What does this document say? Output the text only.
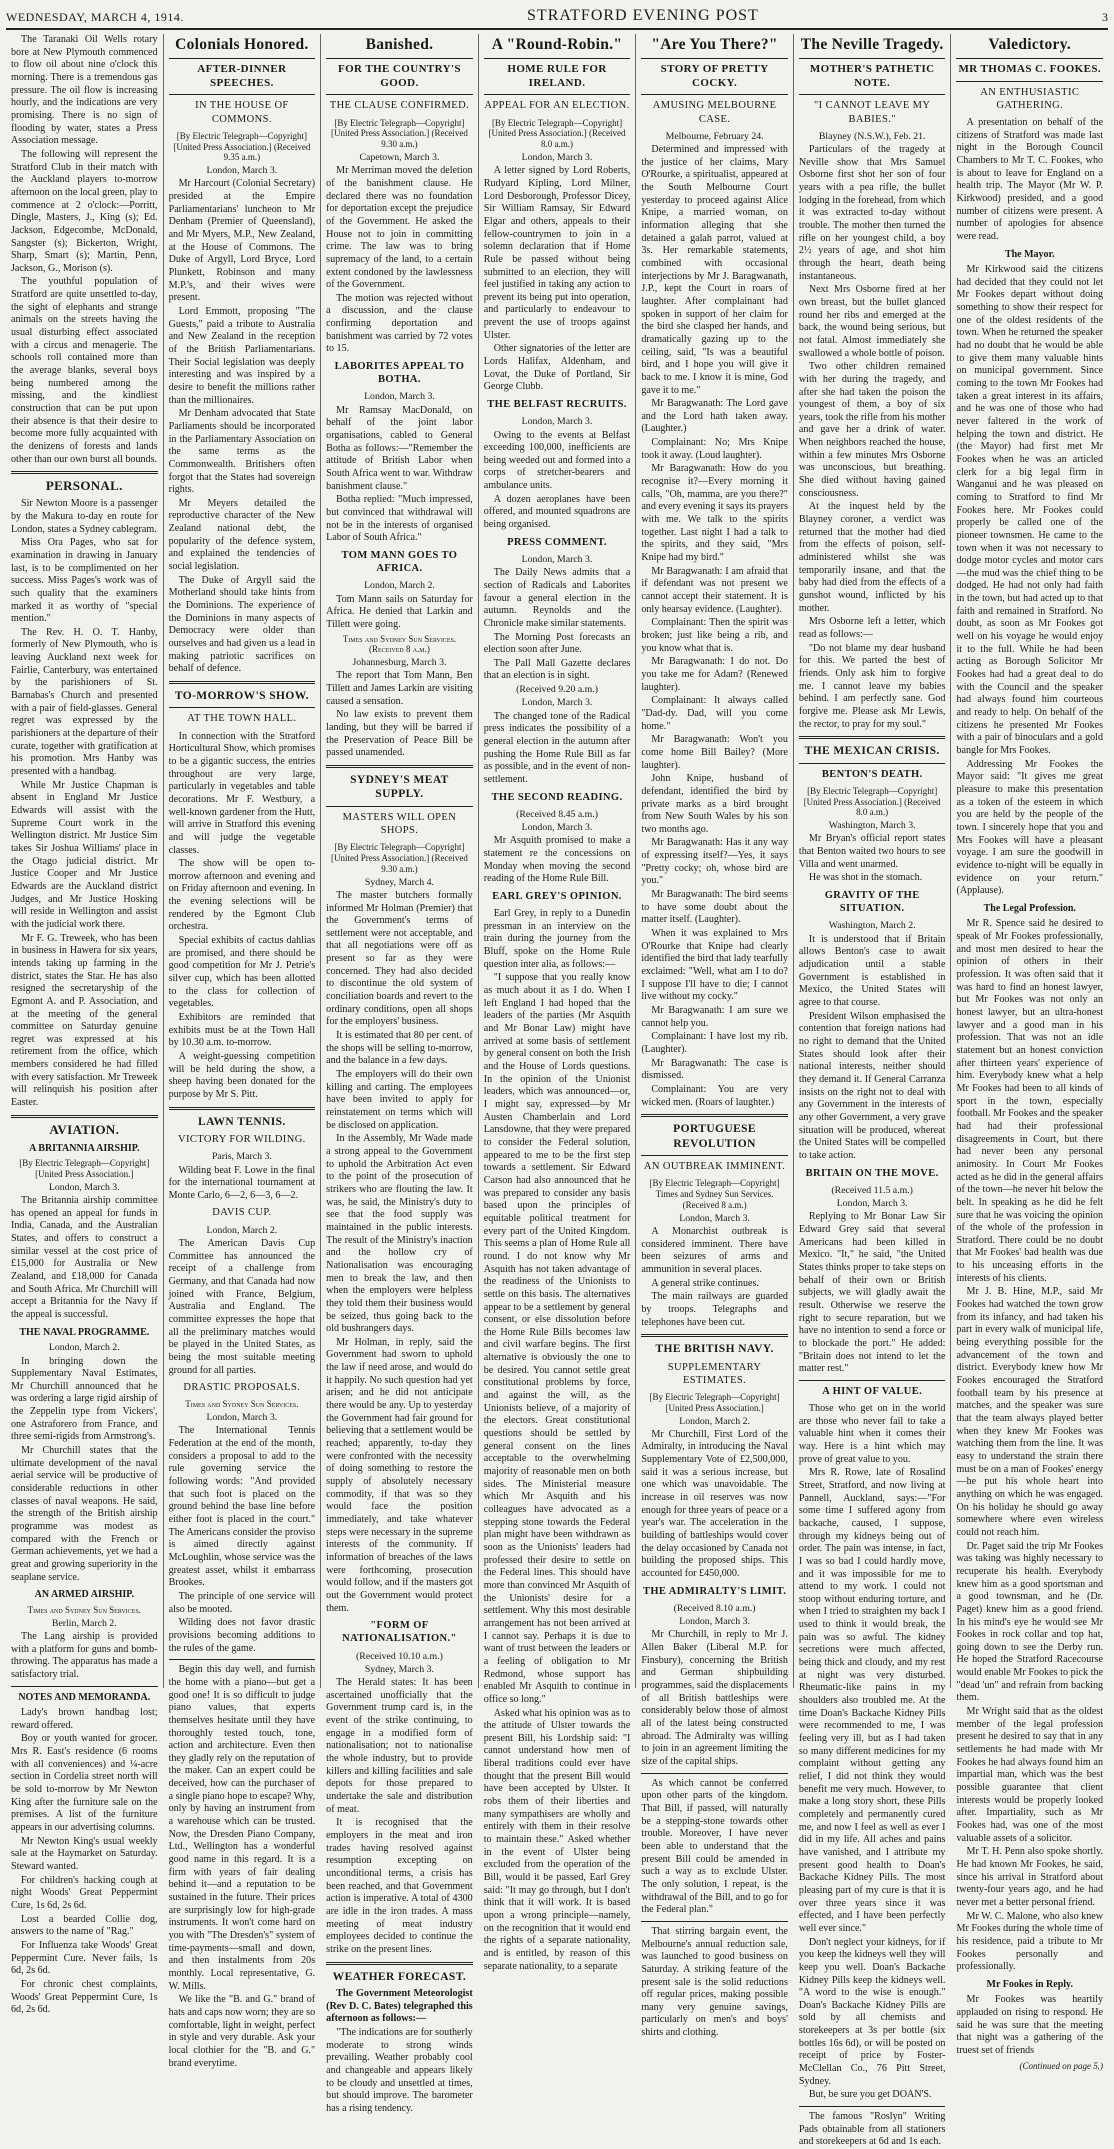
WEDNESDAY, MARCH 4, 1914.	STRATFORD EVENING POST	3

The Taranaki Oil Wells rotary bore at New Plymouth commenced to flow oil about nine o'clock this morning. There is a tremendous gas pressure. The oil flow is increasing hourly, and the indications are very promising. There is no sign of flooding by water, states a Press Association message.

The following will represent the Stratford Club in their match with the Auckland players to-morrow afternoon on the local green, play to commence at 2 o'clock:—Porritt, Dingle, Masters, J., King (s); Ed. Jackson, Edgecombe, McDonald, Sangster (s); Bickerton, Wright, Sharp, Smart (s); Martin, Penn, Jackson, G., Morison (s).

The youthful population of Stratford are quite unsettled to-day, the sight of elephants and strange animals on the streets having the usual disturbing effect associated with a circus and menagerie. The schools roll contained more than the average blanks, several boys being numbered among the missing, and the kindliest construction that can be put upon their absence is that their desire to become more fully acquainted with the denizens of forests and lands other than our own burst all bounds.

PERSONAL.

Sir Newton Moore is a passenger by the Makura to-day en route for London, states a Sydney cablegram.

Miss Ora Pages, who sat for examination in drawing in January last, is to be complimented on her success. Miss Pages's work was of such quality that the examiners marked it as worthy of "special mention."

The Rev. H. O. T. Hanby, formerly of New Plymouth, who is leaving Auckland next week for Fairlie, Canterbury, was entertained by the parishioners of St. Barnabas's Church and presented with a pair of field-glasses. General regret was expressed by the parishioners at the departure of their curate, together with gratification at his promotion. Mrs Hanby was presented with a handbag.

While Mr Justice Chapman is absent in England Mr Justice Edwards will assist with the Supreme Court work in the Wellington district. Mr Justice Sim takes Sir Joshua Williams' place in the Otago judicial district. Mr Justice Cooper and Mr Justice Edwards are the Auckland district Judges, and Mr Justice Hosking will reside in Wellington and assist with the judicial work there.

Mr F. G. Treweek, who has been in business in Hawera for six years, intends taking up farming in the district, states the Star. He has also resigned the secretaryship of the Egmont A. and P. Association, and at the meeting of the general committee on Saturday genuine regret was expressed at his retirement from the office, which members considered he had filled with every satisfaction. Mr Treweek will relinquish his position after Easter.

AVIATION.
A BRITANNIA AIRSHIP.
[By Electric Telegraph—Copyright] [United Press Association.]
London, March 3.

The Britannia airship committee has opened an appeal for funds in India, Canada, and the Australian States, and offers to construct a similar vessel at the cost price of £15,000 for Australia or New Zealand, and £18,000 for Canada and South Africa. Mr Churchill will accept a Britannia for the Navy if the appeal is successful.

THE NAVAL PROGRAMME.
London, March 2.

In bringing down the Supplementary Naval Estimates, Mr Churchill announced that he was ordering a large rigid airship of the Zeppelin type from Vickers', one Astraforero from France, and three semi-rigids from Armstrong's.

Mr Churchill states that the ultimate development of the naval aerial service will be productive of considerable reductions in other classes of naval weapons. He said, the strength of the British airship programme was modest as compared with the French or German achievements, yet we had a great and growing superiority in the seaplane service.

AN ARMED AIRSHIP.
Times and Sydney Sun Services.
Berlin, March 2.

The Lang airship is provided with a platform for guns and bomb-throwing. The apparatus has made a satisfactory trial.

NOTES AND MEMORANDA.

Lady's brown handbag lost; reward offered.

Boy or youth wanted for grocer. Mrs R. East's residence (6 rooms with all conveniences) and ¼-acre section in Cordelia street north will be sold to-morrow by Mr Newton King after the furniture sale on the premises. A list of the furniture appears in our advertising columns.

Mr Newton King's usual weekly sale at the Haymarket on Saturday. Steward wanted.

For children's hacking cough at night Woods' Great Peppermint Cure, 1s 6d, 2s 6d.

Lost a bearded Collie dog, answers to the name of "Rag."

For Influenza take Woods' Great Peppermint Cure. Never fails, 1s 6d, 2s 6d.

For chronic chest complaints, Woods' Great Peppermint Cure, 1s 6d, 2s 6d.

Colonials Honored.
AFTER-DINNER SPEECHES.
IN THE HOUSE OF COMMONS.
[By Electric Telegraph—Copyright] [United Press Association.] (Received 9.35 a.m.)
London, March 3.

Mr Harcourt (Colonial Secretary) presided at the Empire Parliamentarians' luncheon to Mr Denham (Premier of Queensland), and Mr Myers, M.P., New Zealand, at the House of Commons. The Duke of Argyll, Lord Bryce, Lord Plunkett, Robinson and many M.P.'s, and their wives were present.

Lord Emmott, proposing "The Guests," paid a tribute to Australia and New Zealand in the reception of the British Parliamentarians. Their Social legislation was deeply interesting and was inspired by a desire to benefit the millions rather than the millionaires.

Mr Denham advocated that State Parliaments should be incorporated in the Parliamentary Association on the same terms as the Commonwealth. Britishers often forgot that the States had sovereign rights.

Mr Meyers detailed the reproductive character of the New Zealand national debt, the popularity of the defence system, and explained the tendencies of social legislation.

The Duke of Argyll said the Motherland should take hints from the Dominions. The experience of the Dominions in many aspects of Democracy were older than ourselves and had given us a lead in making patriotic sacrifices on behalf of defence.

TO-MORROW'S SHOW.
AT THE TOWN HALL.

In connection with the Stratford Horticultural Show, which promises to be a gigantic success, the entries throughout are very large, particularly in vegetables and table decorations. Mr F. Westbury, a well-known gardener from the Hutt, will arrive in Stratford this evening and will judge the vegetable classes.

The show will be open to-morrow afternoon and evening and on Friday afternoon and evening. In the evening selections will be rendered by the Egmont Club orchestra.

Special exhibits of cactus dahlias are promised, and there should be good competition for Mr J. Petrie's silver cup, which has been allotted to the class for collection of vegetables.

Exhibitors are reminded that exhibits must be at the Town Hall by 10.30 a.m. to-morrow.

A weight-guessing competition will be held during the show, a sheep having been donated for the purpose by Mr S. Pitt.

LAWN TENNIS.
VICTORY FOR WILDING.
Paris, March 3.

Wilding beat F. Lowe in the final for the international tournament at Monte Carlo, 6—2, 6—3, 6—2.

DAVIS CUP.
London, March 2.

The American Davis Cup Committee has announced the receipt of a challenge from Germany, and that Canada had now joined with France, Belgium, Australia and England. The committee expresses the hope that all the preliminary matches would be played in the United States, as being the most suitable meeting ground for all parties.

DRASTIC PROPOSALS.
Times and Sydney Sun Services.
London, March 3.

The International Tennis Federation at the end of the month, considers a proposal to add to the rule governing service the following words: "And provided that such foot is placed on the ground behind the base line before either foot is placed in the court." The Americans consider the proviso is aimed directly against McLoughlin, whose service was the greatest asset, whilst it embarrass Brookes.

The principle of one service will also be mooted.

Wilding does not favor drastic provisions becoming additions to the rules of the game.

Begin this day well, and furnish the home with a piano—but get a good one! It is so difficult to judge piano values, that experts themselves hesitate until they have thoroughly tested touch, tone, action and architecture. Even then they gladly rely on the reputation of the maker. Can an expert could be deceived, how can the purchaser of a single piano hope to escape? Why, only by having an instrument from a warehouse which can be trusted. Now, the Dresden Piano Company, Ltd., Wellington has a wonderful good name in this regard. It is a firm with years of fair dealing behind it—and a reputation to be sustained in the future. Their prices are surprisingly low for high-grade instruments. It won't come hard on you with "The Dresden's" system of time-payments—small and down, and then instalments from 20s monthly. Local representative, G. W. Mills.

We like the "B. and G." brand of hats and caps now worn; they are so comfortable, light in weight, perfect in style and very durable. Ask your local clothier for the "B. and G." brand everytime.

Banished.
FOR THE COUNTRY'S GOOD.
THE CLAUSE CONFIRMED.
[By Electric Telegraph—Copyright] [United Press Association.] (Received 9.30 a.m.)
Capetown, March 3.

Mr Merriman moved the deletion of the banishment clause. He declared there was no foundation for deportation except the prejudice of the Government. He asked the House not to join in committing crime. The law was to bring supremacy of the land, to a certain extent condoned by the lawlessness of the Government.

The motion was rejected without a discussion, and the clause confirming deportation and banishment was carried by 72 votes to 15.

LABORITES APPEAL TO BOTHA.
London, March 3.

Mr Ramsay MacDonald, on behalf of the joint labor organisations, cabled to General Botha as follows:—"Remember the attitude of British Labor when South Africa went to war. Withdraw banishment clause."

Botha replied: "Much impressed, but convinced that withdrawal will not be in the interests of organised Labor of South Africa."

TOM MANN GOES TO AFRICA.
London, March 2.

Tom Mann sails on Saturday for Africa. He denied that Larkin and Tillett were going.

Times and Sydney Sun Services. (Received 8 a.m.)
Johannesburg, March 3.

The report that Tom Mann, Ben Tillett and James Larkin are visiting caused a sensation.

No law exists to prevent them landing, but they will be barred if the Preservation of Peace Bill be passed unamended.

SYDNEY'S MEAT SUPPLY.
MASTERS WILL OPEN SHOPS.
[By Electric Telegraph—Copyright] [United Press Association.] (Received 9.30 a.m.)
Sydney, March 4.

The master butchers formally informed Mr Holman (Premier) that the Government's terms of settlement were not acceptable, and that all negotiations were off as present so far as they were concerned. They had also decided to discontinue the old system of conciliation boards and revert to the ordinary conditions, open all shops for the employers' business.

It is estimated that 80 per cent. of the shops will be selling to-morrow, and the balance in a few days.

The employers will do their own killing and carting. The employees have been invited to apply for reinstatement on terms which will be disclosed on application.

In the Assembly, Mr Wade made a strong appeal to the Government to uphold the Arbitration Act even to the point of the prosecution of strikers who are flouting the law. It was, he said, the Ministry's duty to see that the food supply was maintained in the public interests. The result of the Ministry's inaction and the hollow cry of Nationalisation was encouraging men to break the law, and then when the employers were helpless they told them their business would be seized, thus going back to the old bushrangers days.

Mr Holman, in reply, said the Government had sworn to uphold the law if need arose, and would do it happily. No such question had yet arisen; and he did not anticipate there would be any. Up to yesterday the Government had fair ground for believing that a settlement would be reached; apparently, to-day they were confronted with the necessity of doing something to restore the supply of absolutely necessary commodity, if that was so they would face the position immediately, and take whatever steps were necessary in the supreme interests of the community. If information of breaches of the laws were forthcoming, prosecution would follow, and if the masters got out the Government would protect them.

"FORM OF NATIONALISATION."
(Received 10.10 a.m.)
Sydney, March 3.

The Herald states: It has been ascertained unofficially that the Government trump card is, in the event of the strike continuing, to engage in a modified form of nationalisation; not to nationalise the whole industry, but to provide killers and killing facilities and sale depots for those prepared to undertake the sale and distribution of meat.

It is recognised that the employers in the meat and iron trades having resolved against resumption excepting on unconditional terms, a crisis has been reached, and that Government action is imperative. A total of 4300 are idle in the iron trades. A mass meeting of meat industry employees decided to continue the strike on the present lines.

WEATHER FORECAST.

The Government Meteorologist (Rev D. C. Bates) telegraphed this afternoon as follows:—

"The indications are for southerly moderate to strong winds prevailing. Weather probably cool and changeable and appears likely to be cloudy and unsettled at times, but should improve. The barometer has a rising tendency.

A "Round-Robin."
HOME RULE FOR IRELAND.
APPEAL FOR AN ELECTION.
[By Electric Telegraph—Copyright] [United Press Association.] (Received 8.0 a.m.)
London, March 3.

A letter signed by Lord Roberts, Rudyard Kipling, Lord Milner, Lord Desborough, Professor Dicey, Sir William Ramsay, Sir Edward Elgar and others, appeals to their fellow-countrymen to join in a solemn declaration that if Home Rule be passed without being submitted to an election, they will feel justified in taking any action to prevent its being put into operation, and particularly to endeavour to prevent the use of troops against Ulster.

Other signatories of the letter are Lords Halifax, Aldenham, and Lovat, the Duke of Portland, Sir George Clubb.

THE BELFAST RECRUITS.
London, March 3.

Owing to the events at Belfast exceeding 100,000, inefficients are being weeded out and formed into a corps of stretcher-bearers and ambulance units.

A dozen aeroplanes have been offered, and mounted squadrons are being organised.

PRESS COMMENT.
London, March 3.

The Daily News admits that a section of Radicals and Laborites favour a general election in the autumn. Reynolds and the Chronicle make similar statements.

The Morning Post forecasts an election soon after June.

The Pall Mall Gazette declares that an election is in sight.

(Received 9.20 a.m.)
London, March 3.

The changed tone of the Radical press indicates the possibility of a general election in the autumn after pushing the Home Rule Bill as far as possible, and in the event of non-settlement.

THE SECOND READING.
(Received 8.45 a.m.)
London, March 3.

Mr Asquith promised to make a statement re the concessions on Monday when moving the second reading of the Home Rule Bill.

EARL GREY'S OPINION.

Earl Grey, in reply to a Dunedin pressman in an interview on the train during the journey from the Bluff, spoke on the Home Rule question inter alia, as follows:—

"I suppose that you really know as much about it as I do. When I left England I had hoped that the leaders of the parties (Mr Asquith and Mr Bonar Law) might have arrived at some basis of settlement by general consent on both the Irish and the House of Lords questions. In the opinion of the Unionist leaders, which was announced—or, I might say, expressed—by Mr Austen Chamberlain and Lord Lansdowne, that they were prepared to consider the Federal solution, appeared to me to be the first step towards a settlement. Sir Edward Carson had also announced that he was prepared to consider any basis based upon the principles of equitable political treatment for every part of the United Kingdom. This seems a plan of Home Rule all round. I do not know why Mr Asquith has not taken advantage of the readiness of the Unionists to settle on this basis. The alternatives appear to be a settlement by general consent, or else dissolution before the Home Rule Bills becomes law and civil warfare begins. The first alternative is obviously the one to be desired. You cannot settle great constitutional problems by force, and against the will, as the Unionists believe, of a majority of the electors. Great constitutional questions should be settled by general consent on the lines acceptable to the overwhelming majority of reasonable men on both sides. The Ministerial measure which Mr Asquith and his colleagues have advocated as a stepping stone towards the Federal plan might have been withdrawn as soon as the Unionists' leaders had professed their desire to settle on the Federal lines. This should have more than convinced Mr Asquith of the Unionists' desire for a settlement. Why this most desirable arrangement has not been arrived at I cannot say. Perhaps it is due to want of trust between the leaders or a feeling of obligation to Mr Redmond, whose support has enabled Mr Asquith to continue in office so long."

Asked what his opinion was as to the attitude of Ulster towards the present Bill, his Lordship said: "I cannot understand how men of liberal traditions could ever have thought that the present Bill would have been accepted by Ulster. It robs them of their liberties and many sympathisers are wholly and entirely with them in their resolve to maintain these." Asked whether in the event of Ulster being excluded from the operation of the Bill, would it be passed, Earl Grey said: "It may go through, but I don't think that it will work. It is based upon a wrong principle—namely, on the recognition that it would end the rights of a separate nationality, and is entitled, by reason of this separate nationality, to a separate

"Are You There?"
STORY OF PRETTY COCKY.
AMUSING MELBOURNE CASE.
Melbourne, February 24.

Determined and impressed with the justice of her claims, Mary O'Rourke, a spiritualist, appeared at the South Melbourne Court yesterday to proceed against Alice Knipe, a married woman, on information alleging that she detained a galah parrot, valued at 3s. Her remarkable statements, combined with occasional interjections by Mr J. Baragwanath, J.P., kept the Court in roars of laughter. After complainant had spoken in support of her claim for the bird she clasped her hands, and dramatically gazing up to the ceiling, said, "Is was a beautiful bird, and I hope you will give it back to me. I know it is mine, God gave it to me."

Mr Baragwanath: The Lord gave and the Lord hath taken away. (Laughter.)

Complainant: No; Mrs Knipe took it away. (Loud laughter).

Mr Baragwanath: How do you recognise it?—Every morning it calls, "Oh, mamma, are you there?" and every evening it says its prayers with me. We talk to the spirits together. Last night I had a talk to the spirits, and they said, "Mrs Knipe had my bird."

Mr Baragwanath: I am afraid that if defendant was not present we cannot accept their statement. It is only hearsay evidence. (Laughter).

Complainant: Then the spirit was broken; just like being a rib, and you know what that is.

Mr Baragwanath: I do not. Do you take me for Adam? (Renewed laughter).

Complainant: It always called "Dad-dy. Dad, will you come home."

Mr Baragwanath: Won't you come home Bill Bailey? (More laughter).

John Knipe, husband of defendant, identified the bird by private marks as a bird brought from New South Wales by his son two months ago.

Mr Baragwanath: Has it any way of expressing itself?—Yes, it says "Pretty cocky; oh, whose bird are you."

Mr Baragwanath: The bird seems to have some doubt about the matter itself. (Laughter).

When it was explained to Mrs O'Rourke that Knipe had clearly identified the bird that lady tearfully exclaimed: "Well, what am I to do? I suppose I'll have to die; I cannot live without my cocky."

Mr Baragwanath: I am sure we cannot help you.

Complainant: I have lost my rib. (Laughter).

Mr Baragwanath: The case is dismissed.

Complainant: You are very wicked men. (Roars of laughter.)

PORTUGUESE REVOLUTION
AN OUTBREAK IMMINENT.
[By Electric Telegraph—Copyright] Times and Sydney Sun Services. (Received 8 a.m.)
London, March 3.

A Monarchist outbreak is considered imminent. There have been seizures of arms and ammunition in several places.

A general strike continues.

The main railways are guarded by troops. Telegraphs and telephones have been cut.

THE BRITISH NAVY.
SUPPLEMENTARY ESTIMATES.
[By Electric Telegraph—Copyright] [United Press Association.]
London, March 2.

Mr Churchill, First Lord of the Admiralty, in introducing the Naval Supplementary Vote of £2,500,000, said it was a serious increase, but one which was unavoidable. The increase in oil reserves was now enough for three years of peace or a year's war. The acceleration in the building of battleships would cover the delay occasioned by Canada not building the proposed ships. This accounted for £450,000.

THE ADMIRALTY'S LIMIT.
(Received 8.10 a.m.)
London, March 3.

Mr Churchill, in reply to Mr J. Allen Baker (Liberal M.P. for Finsbury), concerning the British and German shipbuilding programmes, said the displacements of all British battleships were considerably below those of almost all of the latest being constructed abroad. The Admiralty was willing to join in an agreement limiting the size of the capital ships.

As which cannot be conferred upon other parts of the kingdom. That Bill, if passed, will naturally be a stepping-stone towards other trouble. Moreover, I have never been able to understand that the present Bill could be amended in such a way as to exclude Ulster. The only solution, I repeat, is the withdrawal of the Bill, and to go for the Federal plan."

That stirring bargain event, the Melbourne's annual reduction sale, was launched to good business on Saturday. A striking feature of the present sale is the solid reductions off regular prices, making possible many very genuine savings, particularly on men's and boys' shirts and clothing.

The Neville Tragedy.
MOTHER'S PATHETIC NOTE.
"I CANNOT LEAVE MY BABIES."
Blayney (N.S.W.), Feb. 21.

Particulars of the tragedy at Neville show that Mrs Samuel Osborne first shot her son of four years with a pea rifle, the bullet lodging in the forehead, from which it was extracted to-day without trouble. The mother then turned the rifle on her youngest child, a boy 2½ years of age, and shot him through the heart, death being instantaneous.

Next Mrs Osborne fired at her own breast, but the bullet glanced round her ribs and emerged at the back, the wound being serious, but not fatal. Almost immediately she swallowed a whole bottle of poison.

Two other children remained with her during the tragedy, and after she had taken the poison the youngest of them, a boy of six years, took the rifle from his mother and gave her a drink of water. When neighbors reached the house, within a few minutes Mrs Osborne was unconscious, but breathing. She died without having gained consciousness.

At the inquest held by the Blayney coroner, a verdict was returned that the mother had died from the effects of poison, self-administered whilst she was temporarily insane, and that the baby had died from the effects of a gunshot wound, inflicted by his mother.

Mrs Osborne left a letter, which read as follows:—

"Do not blame my dear husband for this. We parted the best of friends. Only ask him to forgive me. I cannot leave my babies behind. I am perfectly sane. God forgive me. Please ask Mr Lewis, the rector, to pray for my soul."

THE MEXICAN CRISIS.
BENTON'S DEATH.
[By Electric Telegraph—Copyright] [United Press Association.] (Received 8.0 a.m.)
Washington, March 3.

Mr Bryan's official report states that Benton waited two hours to see Villa and went unarmed.

He was shot in the stomach.

GRAVITY OF THE SITUATION.
Washington, March 2.

It is understood that if Britain allows Benton's case to await adjudication until a stable Government is established in Mexico, the United States will agree to that course.

President Wilson emphasised the contention that foreign nations had no right to demand that the United States should look after their national interests, neither should they demand it. If General Carranza insists on the right not to deal with any Government in the interests of any other Government, a very grave situation will be produced, whereat the United States will be compelled to take action.

BRITAIN ON THE MOVE.
(Received 11.5 a.m.)
London, March 3.

Replying to Mr Bonar Law Sir Edward Grey said that several Americans had been killed in Mexico. "It," he said, "the United States thinks proper to take steps on behalf of their own or British subjects, we will gladly await the result. Otherwise we reserve the right to secure reparation, but we have no intention to send a force or to blockade the port." He added: "Britain does not intend to let the matter rest."

A HINT OF VALUE.

Those who get on in the world are those who never fail to take a valuable hint when it comes their way. Here is a hint which may prove of great value to you.

Mrs R. Rowe, late of Rosalind Street, Stratford, and now living at Pannell, Auckland, says:—"For some time I suffered agony from backache, caused, I suppose, through my kidneys being out of order. The pain was intense, in fact, I was so bad I could hardly move, and it was impossible for me to attend to my work. I could not stoop without enduring torture, and when I tried to straighten my back I used to think it would break, the pain was so awful. The kidney secretions were much affected, being thick and cloudy, and my rest at night was very disturbed. Rheumatic-like pains in my shoulders also troubled me. At the time Doan's Backache Kidney Pills were recommended to me, I was feeling very ill, but as I had taken so many different medicines for my complaint without getting any relief, I did not think they would benefit me very much. However, to make a long story short, these Pills completely and permanently cured me, and now I feel as well as ever I did in my life. All aches and pains have vanished, and I attribute my present good health to Doan's Backache Kidney Pills. The most pleasing part of my cure is that it is over three years since it was effected, and I have been perfectly well ever since."

Don't neglect your kidneys, for if you keep the kidneys well they will keep you well. Doan's Backache Kidney Pills keep the kidneys well. "A word to the wise is enough." Doan's Backache Kidney Pills are sold by all chemists and storekeepers at 3s per bottle (six bottles 16s 6d), or will be posted on receipt of price by Foster-McClellan Co., 76 Pitt Street, Sydney.

But, be sure you get DOAN'S.

The famous "Roslyn" Writing Pads obtainable from all stationers and storekeepers at 6d and 1s each.

Valedictory.
MR THOMAS C. FOOKES.
AN ENTHUSIASTIC GATHERING.

A presentation on behalf of the citizens of Stratford was made last night in the Borough Council Chambers to Mr T. C. Fookes, who is about to leave for England on a health trip. The Mayor (Mr W. P. Kirkwood) presided, and a good number of citizens were present. A number of apologies for absence were read.

The Mayor.

Mr Kirkwood said the citizens had decided that they could not let Mr Fookes depart without doing something to show their respect for one of the oldest residents of the town. When he returned the speaker had no doubt that he would be able to give them many valuable hints on municipal government. Since coming to the town Mr Fookes had taken a great interest in its affairs, and he was one of those who had never faltered in the work of helping the town and district. He (the Mayor) had first met Mr Fookes when he was an articled clerk for a big legal firm in Wanganui and he was pleased on coming to Stratford to find Mr Fookes here. Mr Fookes could properly be called one of the pioneer townsmen. He came to the town when it was not necessary to dodge motor cycles and motor cars—the mud was the chief thing to be dodged. He had not only had faith in the town, but had acted up to that faith and remained in Stratford. No doubt, as soon as Mr Fookes got well on his voyage he would enjoy it to the full. While he had been acting as Borough Solicitor Mr Fookes had had a great deal to do with the Council and the speaker had always found him courteous and ready to help. On behalf of the citizens he presented Mr Fookes with a pair of binoculars and a gold bangle for Mrs Fookes.

Addressing Mr Fookes the Mayor said: "It gives me great pleasure to make this presentation as a token of the esteem in which you are held by the people of the town. I sincerely hope that you and Mrs Fookes will have a pleasant voyage. I am sure the goodwill in evidence to-night will be equally in evidence on your return." (Applause).

The Legal Profession.

Mr R. Spence said he desired to speak of Mr Fookes professionally, and most men desired to hear the opinion of others in their profession. It was often said that it was hard to find an honest lawyer, but Mr Fookes was not only an honest lawyer, but an ultra-honest lawyer and a good man in his profession. That was not an idle statement but an honest conviction after thirteen years' experience of him. Everybody knew what a help Mr Fookes had been to all kinds of sport in the town, especially football. Mr Fookes and the speaker had had their professional disagreements in Court, but there had never been any personal animosity. In Court Mr Fookes acted as he did in the general affairs of the town—he never hit below the belt. In speaking as he did he felt sure that he was voicing the opinion of the whole of the profession in Stratford. There could be no doubt that Mr Fookes' bad health was due to his unceasing efforts in the interests of his clients.

Mr J. B. Hine, M.P., said Mr Fookes had watched the town grow from its infancy, and had taken his part in every walk of municipal life, being everything possible for the advancement of the town and district. Everybody knew how Mr Fookes encouraged the Stratford football team by his presence at matches, and the speaker was sure that the team always played better when they knew Mr Fookes was watching them from the line. It was easy to understand the strain there must be on a man of Fookes' energy—he put his whole heart into anything on which he was engaged. On his holiday he should go away somewhere where even wireless could not reach him.

Dr. Paget said the trip Mr Fookes was taking was highly necessary to recuperate his health. Everybody knew him as a good sportsman and a good townsman, and he (Dr. Paget) knew him as a good friend. In his mind's eye he would see Mr Fookes in rock collar and top hat, going down to see the Derby run. He hoped the Stratford Racecourse would enable Mr Fookes to pick the "dead 'un" and refrain from backing them.

Mr Wright said that as the oldest member of the legal profession present he desired to say that in any settlements he had made with Mr Fookes he had always found him an impartial man, which was the best possible guarantee that client interests would be properly looked after. Impartiality, such as Mr Fookes had, was one of the most valuable assets of a solicitor.

Mr T. H. Penn also spoke shortly. He had known Mr Fookes, he said, since his arrival in Stratford about twenty-four years ago, and he had never met a better personal friend.

Mr W. C. Malone, who also knew Mr Fookes during the whole time of his residence, paid a tribute to Mr Fookes personally and professionally.

Mr Fookes in Reply.

Mr Fookes was heartily applauded on rising to respond. He said he was sure that the meeting that night was a gathering of the truest set of friends

(Continued on page 5.)
